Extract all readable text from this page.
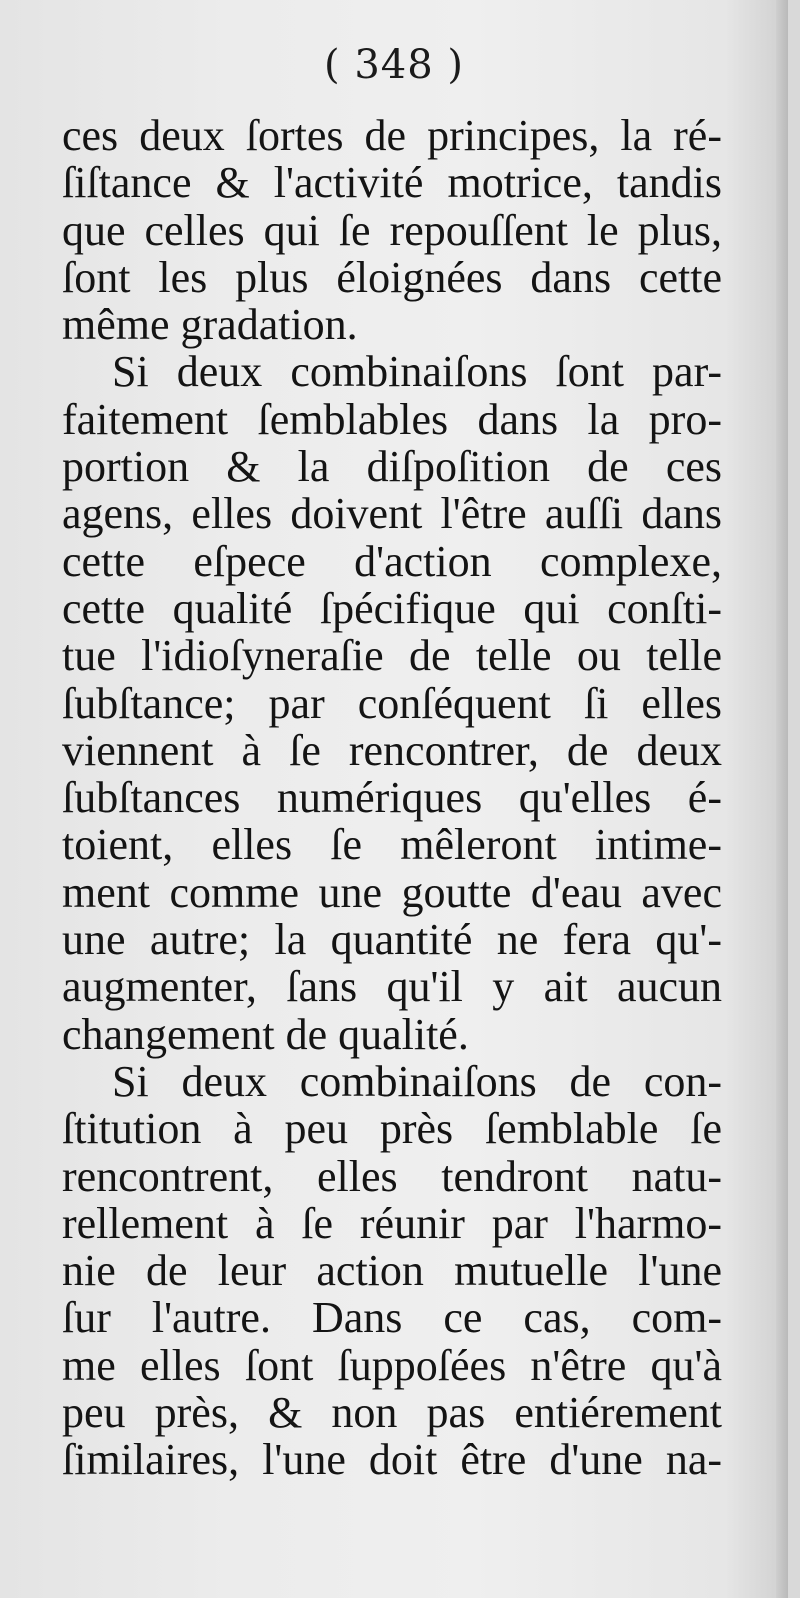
( 348 )
ces deux ſortes de principes, la ré-
ſiſtance & l'activité motrice, tandis
que celles qui ſe repouſſent le plus,
ſont les plus éloignées dans cette
même gradation.
Si deux combinaiſons ſont par-
faitement ſemblables dans la pro-
portion & la diſpoſition de ces
agens, elles doivent l'être auſſi dans
cette eſpece d'action complexe,
cette qualité ſpécifique qui conſti-
tue l'idioſyneraſie de telle ou telle
ſubſtance; par conſéquent ſi elles
viennent à ſe rencontrer, de deux
ſubſtances numériques qu'elles é-
toient, elles ſe mêleront intime-
ment comme une goutte d'eau avec
une autre; la quantité ne fera qu'-
augmenter, ſans qu'il y ait aucun
changement de qualité.
Si deux combinaiſons de con-
ſtitution à peu près ſemblable ſe
rencontrent, elles tendront natu-
rellement à ſe réunir par l'harmo-
nie de leur action mutuelle l'une
ſur l'autre. Dans ce cas, com-
me elles ſont ſuppoſées n'être qu'à
peu près, & non pas entiérement
ſimilaires, l'une doit être d'une na-
